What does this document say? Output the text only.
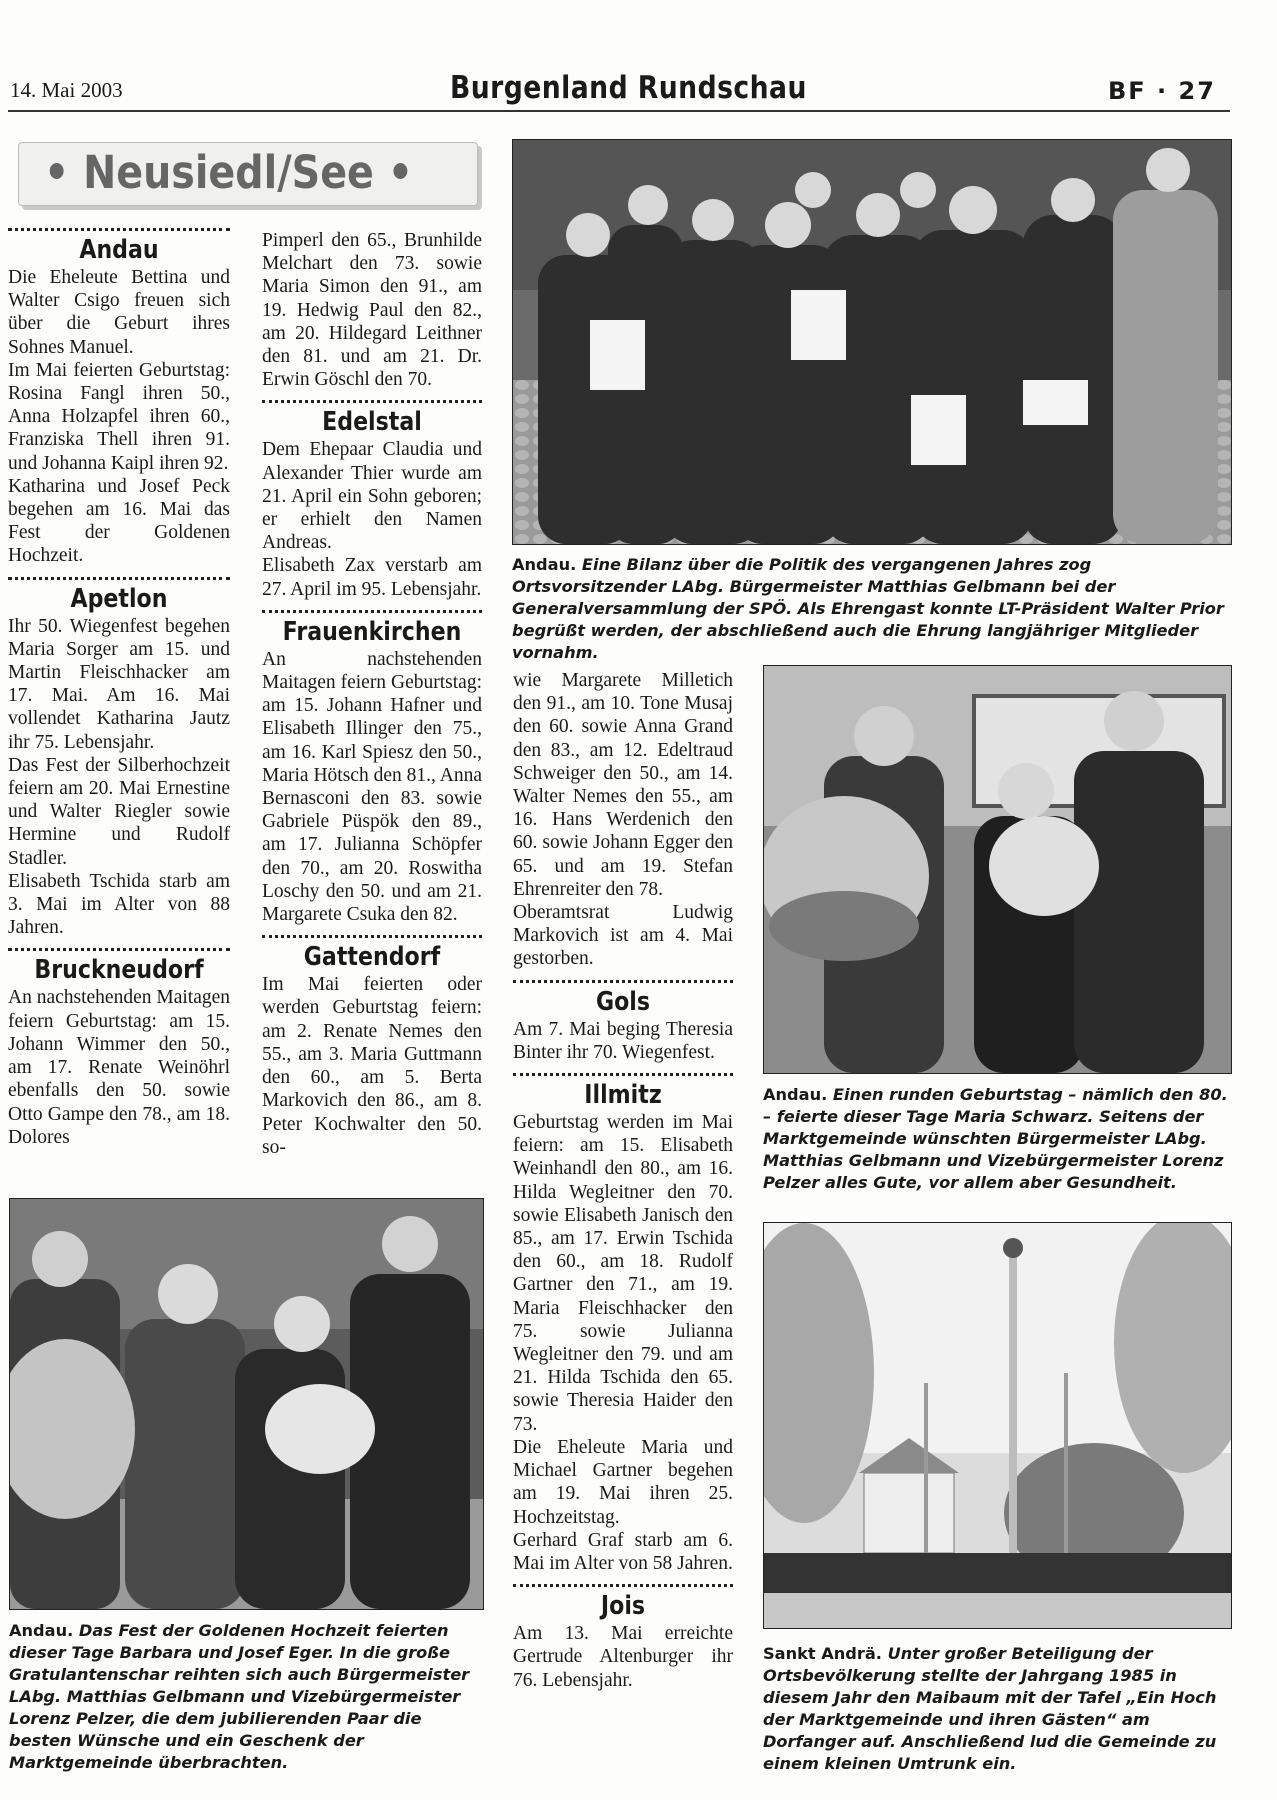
14. Mai 2003	Burgenland Rundschau	BF · 27
• Neusiedl/See •
Andau

Die Eheleute Bettina und Walter Csigo freuen sich über die Geburt ihres Sohnes Manuel.

Im Mai feierten Geburtstag: Rosina Fangl ihren 50., Anna Holzapfel ihren 60., Franziska Thell ihren 91. und Johanna Kaipl ihren 92.

Katharina und Josef Peck begehen am 16. Mai das Fest der Goldenen Hochzeit.

Apetlon

Ihr 50. Wiegenfest begehen Maria Sorger am 15. und Martin Fleischhacker am 17. Mai. Am 16. Mai vollendet Katharina Jautz ihr 75. Lebensjahr.

Das Fest der Silberhochzeit feiern am 20. Mai Ernestine und Walter Riegler sowie Hermine und Rudolf Stadler.

Elisabeth Tschida starb am 3. Mai im Alter von 88 Jahren.

Bruckneudorf

An nachstehenden Maitagen feiern Geburtstag: am 15. Johann Wimmer den 50., am 17. Renate Weinöhrl ebenfalls den 50. sowie Otto Gampe den 78., am 18. Dolores

Pimperl den 65., Brunhilde Melchart den 73. sowie Maria Simon den 91., am 19. Hedwig Paul den 82., am 20. Hildegard Leithner den 81. und am 21. Dr. Erwin Göschl den 70.

Edelstal

Dem Ehepaar Claudia und Alexander Thier wurde am 21. April ein Sohn geboren; er erhielt den Namen Andreas.

Elisabeth Zax verstarb am 27. April im 95. Lebensjahr.

Frauenkirchen

An nachstehenden Maitagen feiern Geburtstag: am 15. Johann Hafner und Elisabeth Illinger den 75., am 16. Karl Spiesz den 50., Maria Hötsch den 81., Anna Bernasconi den 83. sowie Gabriele Püspök den 89., am 17. Julianna Schöpfer den 70., am 20. Roswitha Loschy den 50. und am 21. Margarete Csuka den 82.

Gattendorf

Im Mai feierten oder werden Geburtstag feiern: am 2. Renate Nemes den 55., am 3. Maria Guttmann den 60., am 5. Berta Markovich den 86., am 8. Peter Kochwalter den 50. so-

wie Margarete Milletich den 91., am 10. Tone Musaj den 60. sowie Anna Grand den 83., am 12. Edeltraud Schweiger den 50., am 14. Walter Nemes den 55., am 16. Hans Werdenich den 60. sowie Johann Egger den 65. und am 19. Stefan Ehrenreiter den 78.

Oberamtsrat Ludwig Markovich ist am 4. Mai gestorben.

Gols

Am 7. Mai beging Theresia Binter ihr 70. Wiegenfest.

Illmitz

Geburtstag werden im Mai feiern: am 15. Elisabeth Weinhandl den 80., am 16. Hilda Wegleitner den 70. sowie Elisabeth Janisch den 85., am 17. Erwin Tschida den 60., am 18. Rudolf Gartner den 71., am 19. Maria Fleischhacker den 75. sowie Julianna Wegleitner den 79. und am 21. Hilda Tschida den 65. sowie Theresia Haider den 73.

Die Eheleute Maria und Michael Gartner begehen am 19. Mai ihren 25. Hochzeitstag.

Gerhard Graf starb am 6. Mai im Alter von 58 Jahren.

Jois

Am 13. Mai erreichte Gertrude Altenburger ihr 76. Lebensjahr.

Andau. Eine Bilanz über die Politik des vergangenen Jahres zog Ortsvorsitzender LAbg. Bürgermeister Matthias Gelbmann bei der Generalversammlung der SPÖ. Als Ehrengast konnte LT-Präsident Walter Prior begrüßt werden, der abschließend auch die Ehrung langjähriger Mitglieder vornahm.
Andau. Einen runden Geburtstag – nämlich den 80. – feierte dieser Tage Maria Schwarz. Seitens der Marktgemeinde wünschten Bürgermeister LAbg. Matthias Gelbmann und Vizebürgermeister Lorenz Pelzer alles Gute, vor allem aber Gesundheit.
Andau. Das Fest der Goldenen Hochzeit feierten dieser Tage Barbara und Josef Eger. In die große Gratulantenschar reihten sich auch Bürgermeister LAbg. Matthias Gelbmann und Vizebürgermeister Lorenz Pelzer, die dem jubilierenden Paar die besten Wünsche und ein Geschenk der Marktgemeinde überbrachten.
Sankt Andrä. Unter großer Beteiligung der Ortsbevölkerung stellte der Jahrgang 1985 in diesem Jahr den Maibaum mit der Tafel „Ein Hoch der Marktgemeinde und ihren Gästen“ am Dorfanger auf. Anschließend lud die Gemeinde zu einem kleinen Umtrunk ein.
